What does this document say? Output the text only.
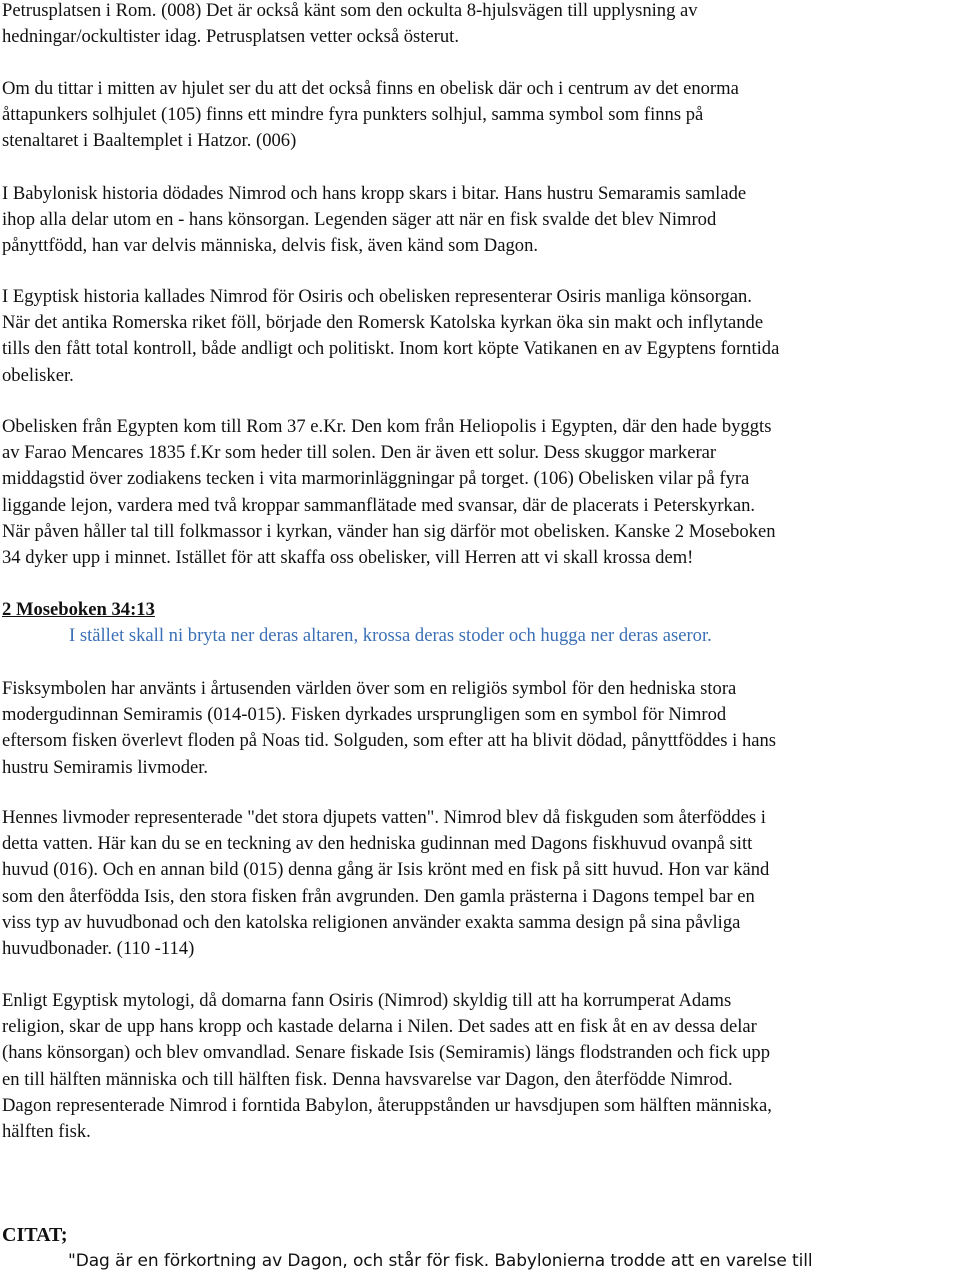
Petrusplatsen i Rom. (008) Det är också känt som den ockulta 8-hjulsvägen till upplysning av
hedningar/ockultister idag. Petrusplatsen vetter också österut.
Om du tittar i mitten av hjulet ser du att det också finns en obelisk där och i centrum av det enorma
åttapunkers solhjulet (105) finns ett mindre fyra punkters solhjul, samma symbol som finns på
stenaltaret i Baaltemplet i Hatzor. (006)
I Babylonisk historia dödades Nimrod och hans kropp skars i bitar. Hans hustru Semaramis samlade
ihop alla delar utom en - hans könsorgan. Legenden säger att när en fisk svalde det blev Nimrod
pånyttfödd, han var delvis människa, delvis fisk, även känd som Dagon.
I Egyptisk historia kallades Nimrod för Osiris och obelisken representerar Osiris manliga könsorgan.
När det antika Romerska riket föll, började den Romersk Katolska kyrkan öka sin makt och inflytande
tills den fått total kontroll, både andligt och politiskt. Inom kort köpte Vatikanen en av Egyptens forntida
obelisker.
Obelisken från Egypten kom till Rom 37 e.Kr. Den kom från Heliopolis i Egypten, där den hade byggts
av Farao Mencares 1835 f.Kr som heder till solen. Den är även ett solur. Dess skuggor markerar
middagstid över zodiakens tecken i vita marmorinläggningar på torget. (106) Obelisken vilar på fyra
liggande lejon, vardera med två kroppar sammanflätade med svansar, där de placerats i Peterskyrkan.
När påven håller tal till folkmassor i kyrkan, vänder han sig därför mot obelisken. Kanske 2 Moseboken
34 dyker upp i minnet. Istället för att skaffa oss obelisker, vill Herren att vi skall krossa dem!
2 Moseboken 34:13
I stället skall ni bryta ner deras altaren, krossa deras stoder och hugga ner deras aseror.
Fisksymbolen har använts i årtusenden världen över som en religiös symbol för den hedniska stora
modergudinnan Semiramis (014-015). Fisken dyrkades ursprungligen som en symbol för Nimrod
eftersom fisken överlevt floden på Noas tid. Solguden, som efter att ha blivit dödad, pånyttföddes i hans
hustru Semiramis livmoder.
Hennes livmoder representerade "det stora djupets vatten". Nimrod blev då fiskguden som återföddes i
detta vatten. Här kan du se en teckning av den hedniska gudinnan med Dagons fiskhuvud ovanpå sitt
huvud (016). Och en annan bild (015) denna gång är Isis krönt med en fisk på sitt huvud. Hon var känd
som den återfödda Isis, den stora fisken från avgrunden. Den gamla prästerna i Dagons tempel bar en
viss typ av huvudbonad och den katolska religionen använder exakta samma design på sina påvliga
huvudbonader. (110 -114)
Enligt Egyptisk mytologi, då domarna fann Osiris (Nimrod) skyldig till att ha korrumperat Adams
religion, skar de upp hans kropp och kastade delarna i Nilen. Det sades att en fisk åt en av dessa delar
(hans könsorgan) och blev omvandlad. Senare fiskade Isis (Semiramis) längs flodstranden och fick upp
en till hälften människa och till hälften fisk. Denna havsvarelse var Dagon, den återfödde Nimrod.
Dagon representerade Nimrod i forntida Babylon, återuppstånden ur havsdjupen som hälften människa,
hälften fisk.
CITAT;
"Dag är en förkortning av Dagon, och står för fisk. Babylonierna trodde att en varelse till
